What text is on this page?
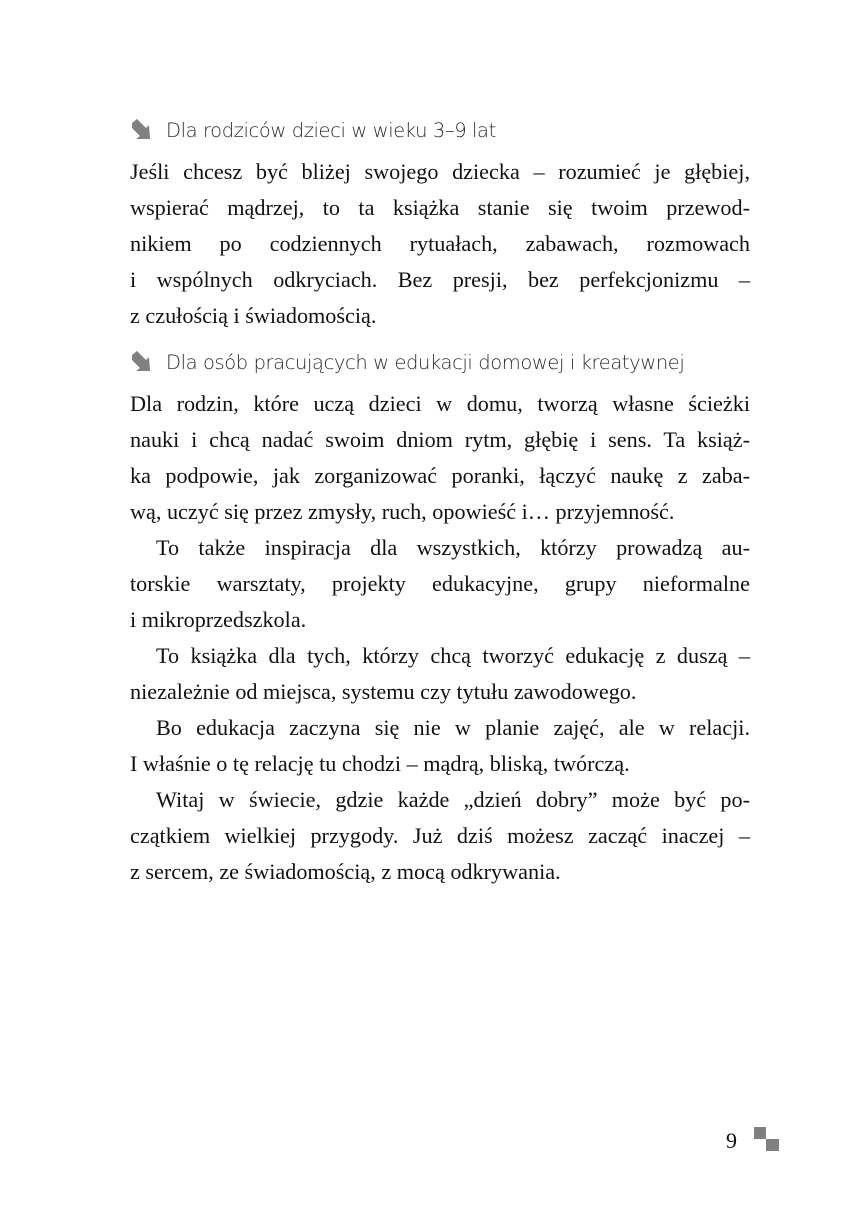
Dla rodziców dzieci w wieku 3–9 lat

Jeśli chcesz być bliżej swojego dziecka – rozumieć je głębiej,
wspierać mądrzej, to ta książka stanie się twoim przewod-
nikiem po codziennych rytuałach, zabawach, rozmowach
i wspólnych odkryciach. Bez presji, bez perfekcjonizmu –
z czułością i świadomością.

Dla osób pracujących w edukacji domowej i kreatywnej

Dla rodzin, które uczą dzieci w domu, tworzą własne ścieżki
nauki i chcą nadać swoim dniom rytm, głębię i sens. Ta książ-
ka podpowie, jak zorganizować poranki, łączyć naukę z zaba-
wą, uczyć się przez zmysły, ruch, opowieść i… przyjemność.

To także inspiracja dla wszystkich, którzy prowadzą au-
torskie warsztaty, projekty edukacyjne, grupy nieformalne
i mikroprzedszkola.

To książka dla tych, którzy chcą tworzyć edukację z duszą –
niezależnie od miejsca, systemu czy tytułu zawodowego.

Bo edukacja zaczyna się nie w planie zajęć, ale w relacji.
I właśnie o tę relację tu chodzi – mądrą, bliską, twórczą.

Witaj w świecie, gdzie każde „dzień dobry” może być po-
czątkiem wielkiej przygody. Już dziś możesz zacząć inaczej –
z sercem, ze świadomością, z mocą odkrywania.

9
